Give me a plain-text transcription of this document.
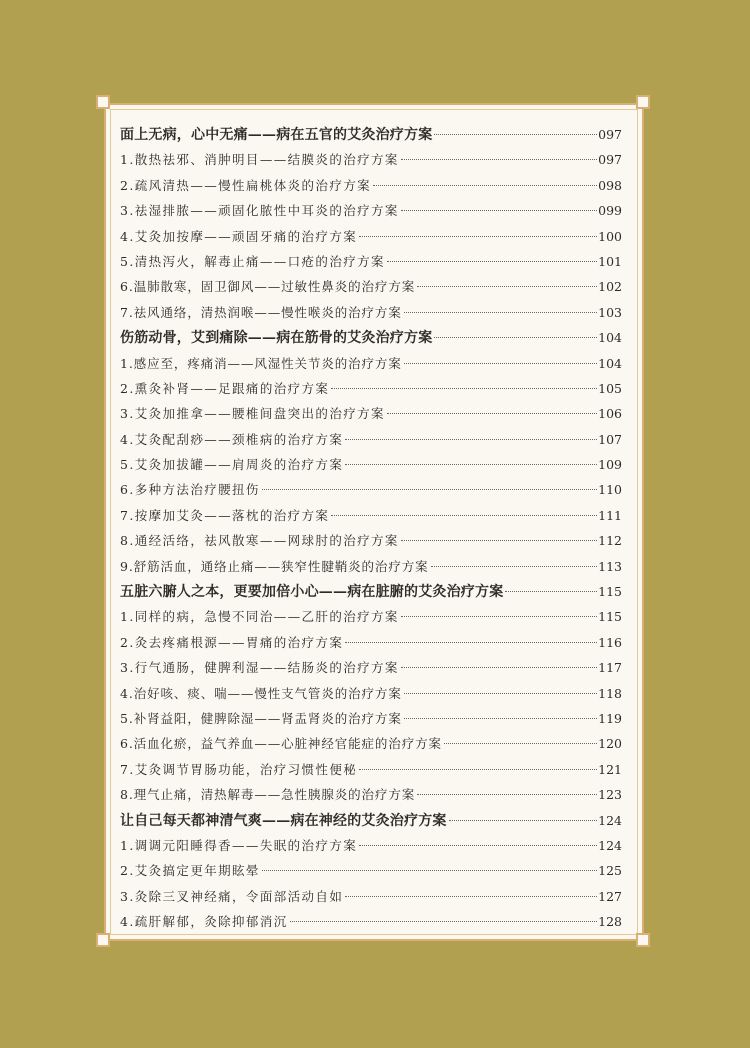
面上无病，心中无痛——病在五官的艾灸治疗方案	097
1.散热祛邪、消肿明目——结膜炎的治疗方案	097
2.疏风清热——慢性扁桃体炎的治疗方案	098
3.祛湿排脓——顽固化脓性中耳炎的治疗方案	099
4.艾灸加按摩——顽固牙痛的治疗方案	100
5.清热泻火，解毒止痛——口疮的治疗方案	101
6.温肺散寒，固卫御风——过敏性鼻炎的治疗方案	102
7.祛风通络，清热润喉——慢性喉炎的治疗方案	103
伤筋动骨，艾到痛除——病在筋骨的艾灸治疗方案	104
1.感应至，疼痛消——风湿性关节炎的治疗方案	104
2.熏灸补肾——足跟痛的治疗方案	105
3.艾灸加推拿——腰椎间盘突出的治疗方案	106
4.艾灸配刮痧——颈椎病的治疗方案	107
5.艾灸加拔罐——肩周炎的治疗方案	109
6.多种方法治疗腰扭伤	110
7.按摩加艾灸——落枕的治疗方案	111
8.通经活络，祛风散寒——网球肘的治疗方案	112
9.舒筋活血，通络止痛——狭窄性腱鞘炎的治疗方案	113
五脏六腑人之本，更要加倍小心——病在脏腑的艾灸治疗方案	115
1.同样的病，急慢不同治——乙肝的治疗方案	115
2.灸去疼痛根源——胃痛的治疗方案	116
3.行气通肠，健脾利湿——结肠炎的治疗方案	117
4.治好咳、痰、喘——慢性支气管炎的治疗方案	118
5.补肾益阳，健脾除湿——肾盂肾炎的治疗方案	119
6.活血化瘀，益气养血——心脏神经官能症的治疗方案	120
7.艾灸调节胃肠功能，治疗习惯性便秘	121
8.理气止痛，清热解毒——急性胰腺炎的治疗方案	123
让自己每天都神清气爽——病在神经的艾灸治疗方案	124
1.调调元阳睡得香——失眠的治疗方案	124
2.艾灸搞定更年期眩晕	125
3.灸除三叉神经痛，令面部活动自如	127
4.疏肝解郁，灸除抑郁消沉	128
